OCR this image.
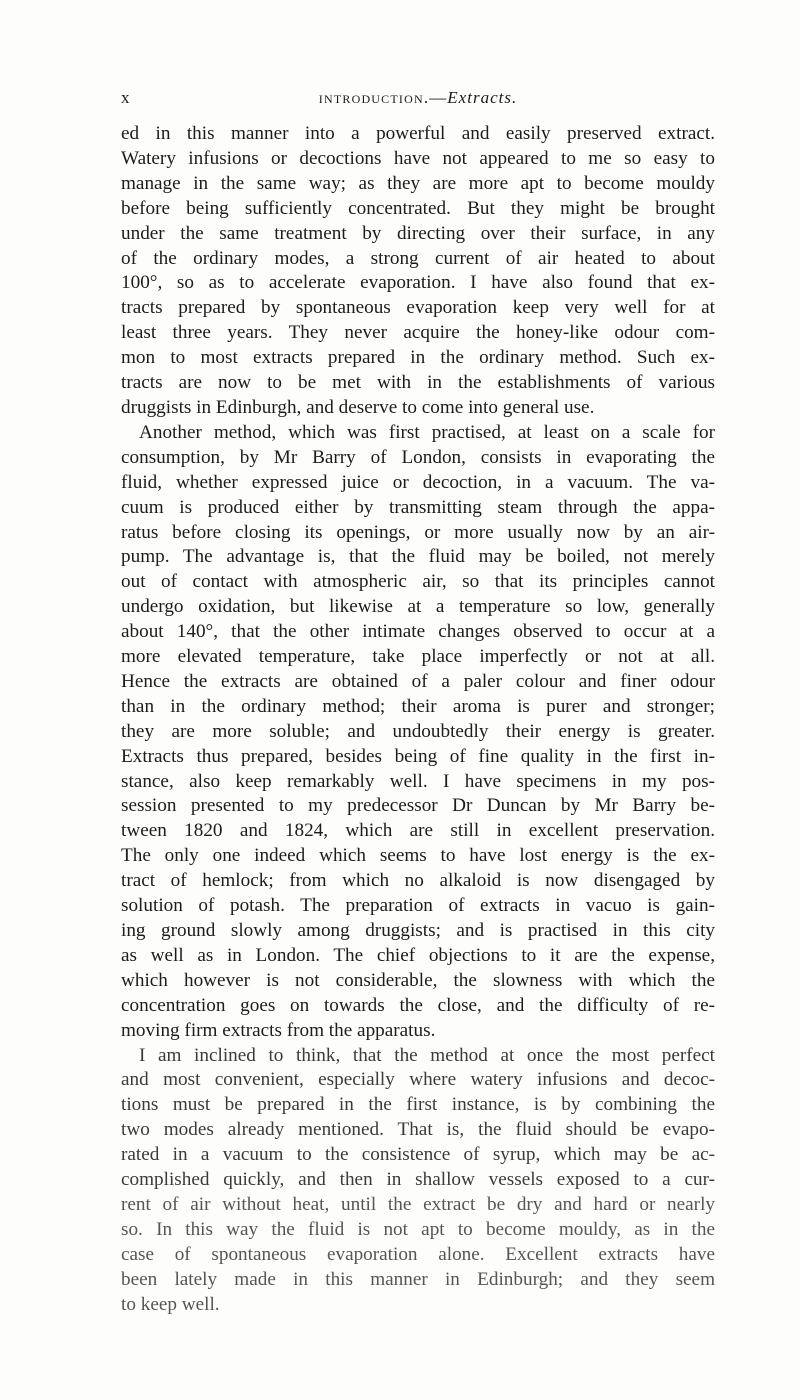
x	introduction.—Extracts.
ed in this manner into a powerful and easily preserved extract.
Watery infusions or decoctions have not appeared to me so easy to
manage in the same way; as they are more apt to become mouldy
before being sufficiently concentrated. But they might be brought
under the same treatment by directing over their surface, in any
of the ordinary modes, a strong current of air heated to about
100°, so as to accelerate evaporation. I have also found that ex-
tracts prepared by spontaneous evaporation keep very well for at
least three years. They never acquire the honey-like odour com-
mon to most extracts prepared in the ordinary method. Such ex-
tracts are now to be met with in the establishments of various
druggists in Edinburgh, and deserve to come into general use.
Another method, which was first practised, at least on a scale for
consumption, by Mr Barry of London, consists in evaporating the
fluid, whether expressed juice or decoction, in a vacuum. The va-
cuum is produced either by transmitting steam through the appa-
ratus before closing its openings, or more usually now by an air-
pump. The advantage is, that the fluid may be boiled, not merely
out of contact with atmospheric air, so that its principles cannot
undergo oxidation, but likewise at a temperature so low, generally
about 140°, that the other intimate changes observed to occur at a
more elevated temperature, take place imperfectly or not at all.
Hence the extracts are obtained of a paler colour and finer odour
than in the ordinary method; their aroma is purer and stronger;
they are more soluble; and undoubtedly their energy is greater.
Extracts thus prepared, besides being of fine quality in the first in-
stance, also keep remarkably well. I have specimens in my pos-
session presented to my predecessor Dr Duncan by Mr Barry be-
tween 1820 and 1824, which are still in excellent preservation.
The only one indeed which seems to have lost energy is the ex-
tract of hemlock; from which no alkaloid is now disengaged by
solution of potash. The preparation of extracts in vacuo is gain-
ing ground slowly among druggists; and is practised in this city
as well as in London. The chief objections to it are the expense,
which however is not considerable, the slowness with which the
concentration goes on towards the close, and the difficulty of re-
moving firm extracts from the apparatus.
I am inclined to think, that the method at once the most perfect
and most convenient, especially where watery infusions and decoc-
tions must be prepared in the first instance, is by combining the
two modes already mentioned. That is, the fluid should be evapo-
rated in a vacuum to the consistence of syrup, which may be ac-
complished quickly, and then in shallow vessels exposed to a cur-
rent of air without heat, until the extract be dry and hard or nearly
so. In this way the fluid is not apt to become mouldy, as in the
case of spontaneous evaporation alone. Excellent extracts have
been lately made in this manner in Edinburgh; and they seem
to keep well.
